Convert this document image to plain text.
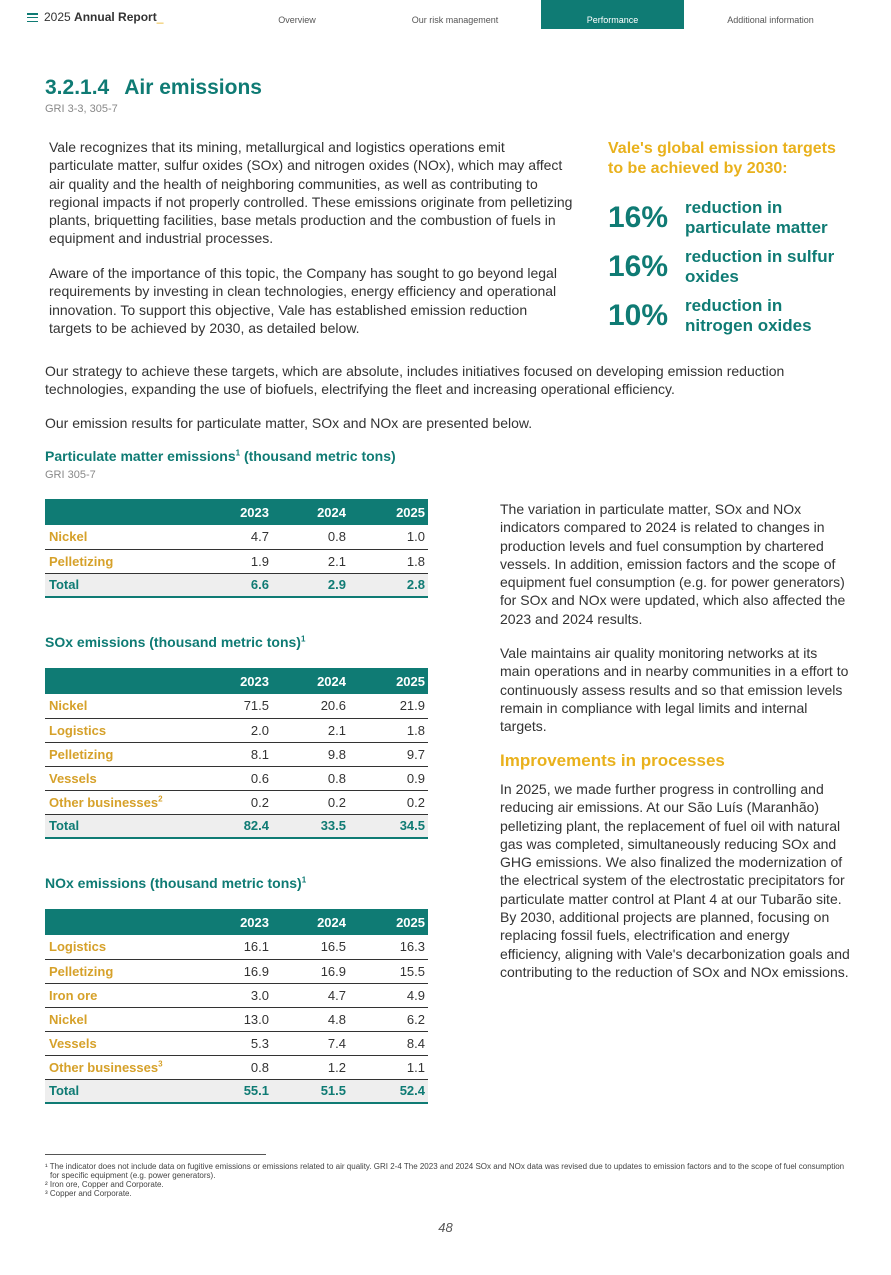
2025 Annual Report_	Overview	Our risk management	Performance	Additional information
3.2.1.4 Air emissions
GRI 3-3, 305-7

Vale recognizes that its mining, metallurgical and logistics operations emit particulate matter, sulfur oxides (SOx) and nitrogen oxides (NOx), which may affect air quality and the health of neighboring communities, as well as contributing to regional impacts if not properly controlled. These emissions originate from pelletizing plants, briquetting facilities, base metals production and the combustion of fuels in equipment and industrial processes.

Aware of the importance of this topic, the Company has sought to go beyond legal requirements by investing in clean technologies, energy efficiency and operational innovation. To support this objective, Vale has established emission reduction targets to be achieved by 2030, as detailed below.

Vale's global emission targets to be achieved by 2030:
16% reduction in particulate matter
16% reduction in sulfur oxides
10% reduction in nitrogen oxides

Our strategy to achieve these targets, which are absolute, includes initiatives focused on developing emission reduction technologies, expanding the use of biofuels, electrifying the fleet and increasing operational efficiency.

Our emission results for particulate matter, SOx and NOx are presented below.

Particulate matter emissions$^1$ (thousand metric tons)
GRI 305-7
	2023	2024	2025
Nickel	4.7	0.8	1.0
Pelletizing	1.9	2.1	1.8
Total	6.6	2.9	2.8
SOx emissions (thousand metric tons)$^1$
	2023	2024	2025
Nickel	71.5	20.6	21.9
Logistics	2.0	2.1	1.8
Pelletizing	8.1	9.8	9.7
Vessels	0.6	0.8	0.9
Other businesses$^2$	0.2	0.2	0.2
Total	82.4	33.5	34.5
NOx emissions (thousand metric tons)$^1$
	2023	2024	2025
Logistics	16.1	16.5	16.3
Pelletizing	16.9	16.9	15.5
Iron ore	3.0	4.7	4.9
Nickel	13.0	4.8	6.2
Vessels	5.3	7.4	8.4
Other businesses$^3$	0.8	1.2	1.1
Total	55.1	51.5	52.4

The variation in particulate matter, SOx and NOx indicators compared to 2024 is related to changes in production levels and fuel consumption by chartered vessels. In addition, emission factors and the scope of equipment fuel consumption (e.g. for power generators) for SOx and NOx were updated, which also affected the 2023 and 2024 results.

Vale maintains air quality monitoring networks at its main operations and in nearby communities in a effort to continuously assess results and so that emission levels remain in compliance with legal limits and internal targets.

Improvements in processes

In 2025, we made further progress in controlling and reducing air emissions. At our São Luís (Maranhão) pelletizing plant, the replacement of fuel oil with natural gas was completed, simultaneously reducing SOx and GHG emissions. We also finalized the modernization of the electrical system of the electrostatic precipitators for particulate matter control at Plant 4 at our Tubarão site. By 2030, additional projects are planned, focusing on replacing fossil fuels, electrification and energy efficiency, aligning with Vale's decarbonization goals and contributing to the reduction of SOx and NOx emissions.

¹ The indicator does not include data on fugitive emissions or emissions related to air quality. GRI 2-4 The 2023 and 2024 SOx and NOx data was revised due to updates to emission factors and to the scope of fuel consumption for specific equipment (e.g. power generators).

² Iron ore, Copper and Corporate.

³ Copper and Corporate.

48
